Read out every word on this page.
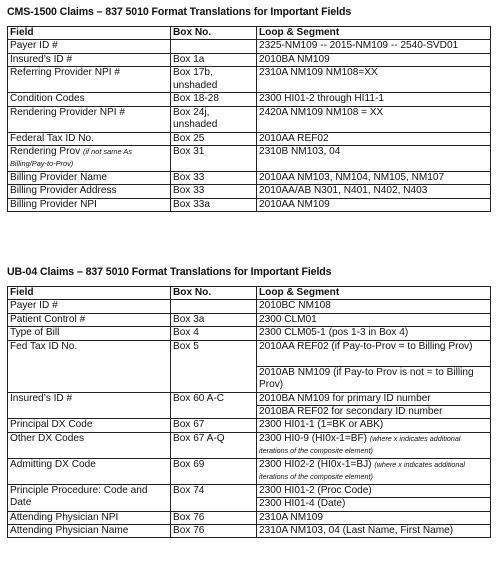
CMS-1500 Claims – 837 5010 Format Translations for Important Fields
Field	Box No.	Loop & Segment
Payer ID #		2325-NM109 -- 2015-NM109 -- 2540-SVD01
Insured’s ID #	Box 1a	2010BA NM109
Referring Provider NPI #	Box 17b, unshaded	2310A NM109 NM108=XX
Condition Codes	Box 18-28	2300 HI01-2 through HI11-1
Rendering Provider NPI #	Box 24j, unshaded	2420A NM109 NM108 = XX
Federal Tax ID No.	Box 25	2010AA REF02
Rendering Prov (if not same As Billing/Pay-to-Prov)	Box 31	2310B NM103, 04
Billing Provider Name	Box 33	2010AA NM103, NM104, NM105, NM107
Billing Provider Address	Box 33	2010AA/AB N301, N401, N402, N403
Billing Provider NPI	Box 33a	2010AA NM109
UB-04 Claims – 837 5010 Format Translations for Important Fields
Field	Box No.	Loop & Segment
Payer ID #		2010BC NM108
Patient Control #	Box 3a	2300 CLM01
Type of Bill	Box 4	2300 CLM05-1 (pos 1-3 in Box 4)
Fed Tax ID No.	Box 5	2010AA REF02 (if Pay-to-Prov = to Billing Prov)
		2010AB NM109 (if Pay-to Prov is not = to Billing Prov)
Insured’s ID #	Box 60 A-C	2010BA NM109 for primary ID number
		2010BA REF02 for secondary ID number
Principal DX Code	Box 67	2300 HI01-1 (1=BK or ABK)
Other DX Codes	Box 67 A-Q	2300 HI0-9 (HI0x-1=BF) (where x indicates additional iterations of the composite element)
Admitting DX Code	Box 69	2300 HI02-2 (HI0x-1=BJ) (where x indicates additional iterations of the composite element)
Principle Procedure: Code and Date	Box 74	2300 HI01-2 (Proc Code)
		2300 HI01-4 (Date)
Attending Physician NPI	Box 76	2310A NM109
Attending Physician Name	Box 76	2310A NM103, 04 (Last Name, First Name)
